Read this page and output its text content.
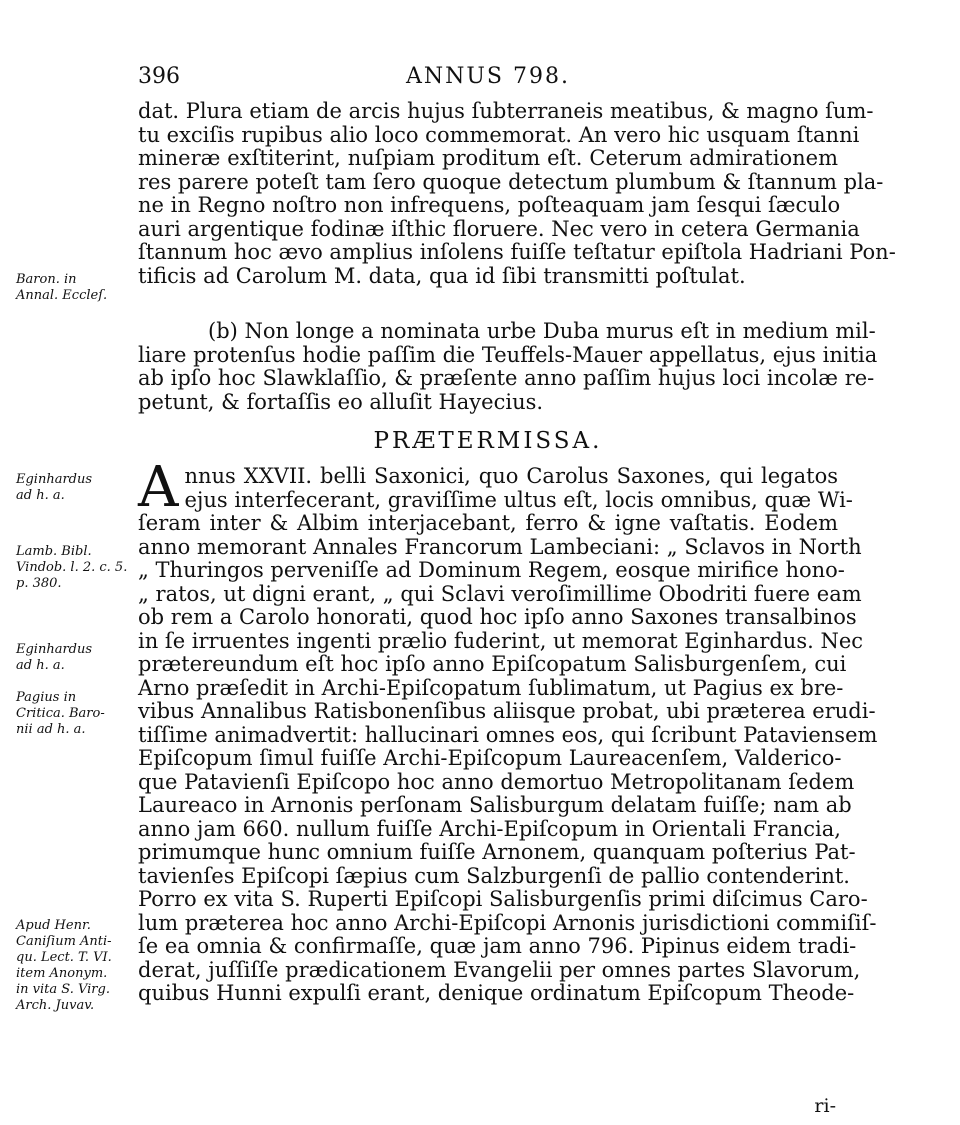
396	ANNUS 798.
dat. Plura etiam de arcis hujus ſubterraneis meatibus, & magno ſum-
tu exciſis rupibus alio loco commemorat. An vero hic usquam ſtanni
mineræ exſtiterint, nuſpiam proditum eſt. Ceterum admirationem
res parere poteſt tam ſero quoque detectum plumbum & ſtannum pla-
ne in Regno noſtro non infrequens, poſteaquam jam ſesqui ſæculo
auri argentique fodinæ iſthic floruere. Nec vero in cetera Germania
ſtannum hoc ævo amplius inſolens fuiſſe teſtatur epiſtola Hadriani Pon-
tificis ad Carolum M. data, qua id ſibi transmitti poſtulat.
(b) Non longe a nominata urbe Duba murus eſt in medium mil-
liare protenſus hodie paſſim die Teuffels-Mauer appellatus, ejus initia
ab ipſo hoc Slawklaſſio, & præſente anno paſſim hujus loci incolæ re-
petunt, & fortaſſis eo alluſit Hayecius.
PRÆTERMISSA.
A nnus XXVII. belli Saxonici, quo Carolus Saxones, qui legatos
ejus interfecerant, graviſſime ultus eſt, locis omnibus, quæ Wi-
ſeram inter & Albim interjacebant, ferro & igne vaſtatis. Eodem
anno memorant Annales Francorum Lambeciani: „ Sclavos in North
„ Thuringos perveniſſe ad Dominum Regem, eosque mirifice hono-
„ ratos, ut digni erant, „ qui Sclavi veroſimillime Obodriti fuere eam
ob rem a Carolo honorati, quod hoc ipſo anno Saxones transalbinos
in ſe irruentes ingenti prælio fuderint, ut memorat Eginhardus. Nec
prætereundum eſt hoc ipſo anno Epiſcopatum Salisburgenſem, cui
Arno præſedit in Archi-Epiſcopatum ſublimatum, ut Pagius ex bre-
vibus Annalibus Ratisbonenſibus aliisque probat, ubi præterea erudi-
tiſſime animadvertit: hallucinari omnes eos, qui ſcribunt Pataviensem
Epiſcopum ſimul fuiſſe Archi-Epiſcopum Laureacenſem, Valderico-
que Patavienſi Epiſcopo hoc anno demortuo Metropolitanam ſedem
Laureaco in Arnonis perſonam Salisburgum delatam fuiſſe; nam ab
anno jam 660. nullum fuiſſe Archi-Epiſcopum in Orientali Francia,
primumque hunc omnium fuiſſe Arnonem, quanquam poſterius Pat-
tavienſes Epiſcopi ſæpius cum Salzburgenſi de pallio contenderint.
Porro ex vita S. Ruperti Epiſcopi Salisburgenſis primi diſcimus Caro-
lum præterea hoc anno Archi-Epiſcopi Arnonis jurisdictioni commiſiſ-
ſe ea omnia & confirmaſſe, quæ jam anno 796. Pipinus eidem tradi-
derat, juſſiſſe prædicationem Evangelii per omnes partes Slavorum,
quibus Hunni expulſi erant, denique ordinatum Epiſcopum Theode-
ri-
Baron. in
Annal. Eccleſ.
Eginhardus
ad h. a.
Lamb. Bibl.
Vindob. l. 2. c. 5.
p. 380.
Eginhardus
ad h. a.
Pagius in
Critica. Baro-
nii ad h. a.
Apud Henr.
Caniſium Anti-
qu. Lect. T. VI.
item Anonym.
in vita S. Virg.
Arch. Juvav.
